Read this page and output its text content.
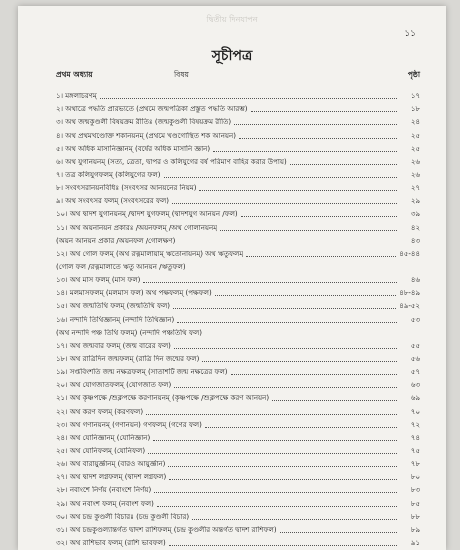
দ্বিতীয় দিনযাপন
১১
সূচীপত্র
প্রথম অধ্যায়	বিষয়	পৃষ্ঠা
১। মঙ্গলাচরণম্	১৭
২। অথাত্রে পদ্ধতি প্রারভ্যতে (প্রথমে জন্মপত্রিকা প্রস্তুত পদ্ধতি আরম্ভ)	১৮
৩। অথ জন্মকুণ্ডলী বিষয়ক্রম রীতিঃ (জন্মকুণ্ডলী বিষয়ক্রম রীতি)	২৪
৪। অথ প্রথমখণ্ডোক্ত শকানয়নম্ (প্রথমে খণ্ডগোস্থিত শক আনয়ন)	২৫
৫। অথ অধিক মাসানিজ্ঞানম্ (বর্ষের অধিক মাসানি জ্ঞান)	২৫
৬। অথ যুগানয়নম্ (সত্য, ত্রেতা, দ্বাপর ও কলিযুগের বর্ষ পরিমাণ বাহির করার উপায়)	২৬
৭। তত্র কলিযুগফলম্ (কলিযুগের ফল)	২৬
৮। সংবৎসরানয়নবিধিঃ (সংবৎসর আনয়নের নিয়ম)	২৭
৯। অথ সংবৎসর ফলম্ (সংবৎসরের ফল)	২৯
১০। অথ দ্বাদশ যুগানয়নম্ /দ্বাদশ যুগফলম্ (দ্বাদশযুগ আনয়ন /ফল)	৩৯
১১। অথ অয়নানয়ন প্রকারঃ /অয়নফলম্ /অথ গোলানয়নম্	৪২
(অয়ন আনয়ন প্রকার /অয়নফল /গোলক্ষণ)	৪৩
১২। অথ গোল ফলম্ (অথ রত্নমালায়াম্ ঋতোনায়নম্) অথ ঋতুফলম্	৪৫-৪৪
(গোল ফল /রত্নমালাতে ঋতু আনয়ন /ঋতুফল)
১৩। অথ মাস ফলম্ (মাস ফল)	৪৬
১৪। মলমাসফলম্ (মলমাস ফল) অথ পক্ষফলম্ (পক্ষফল)	৪৮-৪৯
১৫। অথ জন্মতিথি ফলম্ (জন্মতিথি ফল)	৪৯-৫২
১৬। নন্দাদি তিথিজ্ঞানম্ (নন্দাদি তিথিজ্ঞান)	৫৩
(অথ নন্দাদি পঞ্চ তিথি ফলম্) (নন্দাদি পঞ্চতিথি ফল)
১৭। অথ জন্মবার ফলম্ (জন্ম বারের ফল)	৫৫
১৮। অথ রাত্রিদিন জন্মফলম্ (রাত্রি দিন জন্মের ফল)	৫৬
১৯। সপ্তবিংশতি জন্ম নক্ষত্রফলম্ (সাতাশটি জন্ম নক্ষত্রের ফল)	৫৭
২০। অথ যোগজাতফলম্ (যোগজাত ফল)	৬৩
২১। অথ কৃষ্ণপক্ষে /শুক্লপক্ষে করণানয়নম্ (কৃষ্ণপক্ষে /শুক্লপক্ষে করণ আনয়ন)	৬৯
২২। অথ করণ ফলম্ (করণফল)	৭০
২৩। অথ গণানয়নম্ (গণানয়ন) গণফলম্ (গণের ফল)	৭২
২৪। অথ যোনিজ্ঞানম্ (যোনিজ্ঞান)	৭৪
২৫। অথ যোনিফলম্ (যোনিফল)	৭৫
২৬। অথ বারায়ুর্জ্ঞানম্ (বারও আয়ুর্জ্ঞান)	৭৮
২৭। অথ দ্বাদশ লগ্নফলম্ (দ্বাদশ লগ্নফল)	৮০
২৮। নবাংশে নির্ণয় (নবাংশে নির্ণয়)	৮৩
২৯। অথ নবাংশ ফলম্ (নবাংশ ফল)	৮৫
৩০। অথ চন্দ্র কুণ্ডলী বিচারঃ (চন্দ্র কুণ্ডলী বিচার)	৮৮
৩১। অথ চন্দ্রকুণ্ডল্যান্তর্গত দ্বাদশ রাশিফলম্ (চন্দ্র কুণ্ডলীর অন্তর্গত দ্বাদশ রাশিফল)	৮৯
৩২। অথ রাশিভাব ফলম্ (রাশি ভাবফল)	৯১
